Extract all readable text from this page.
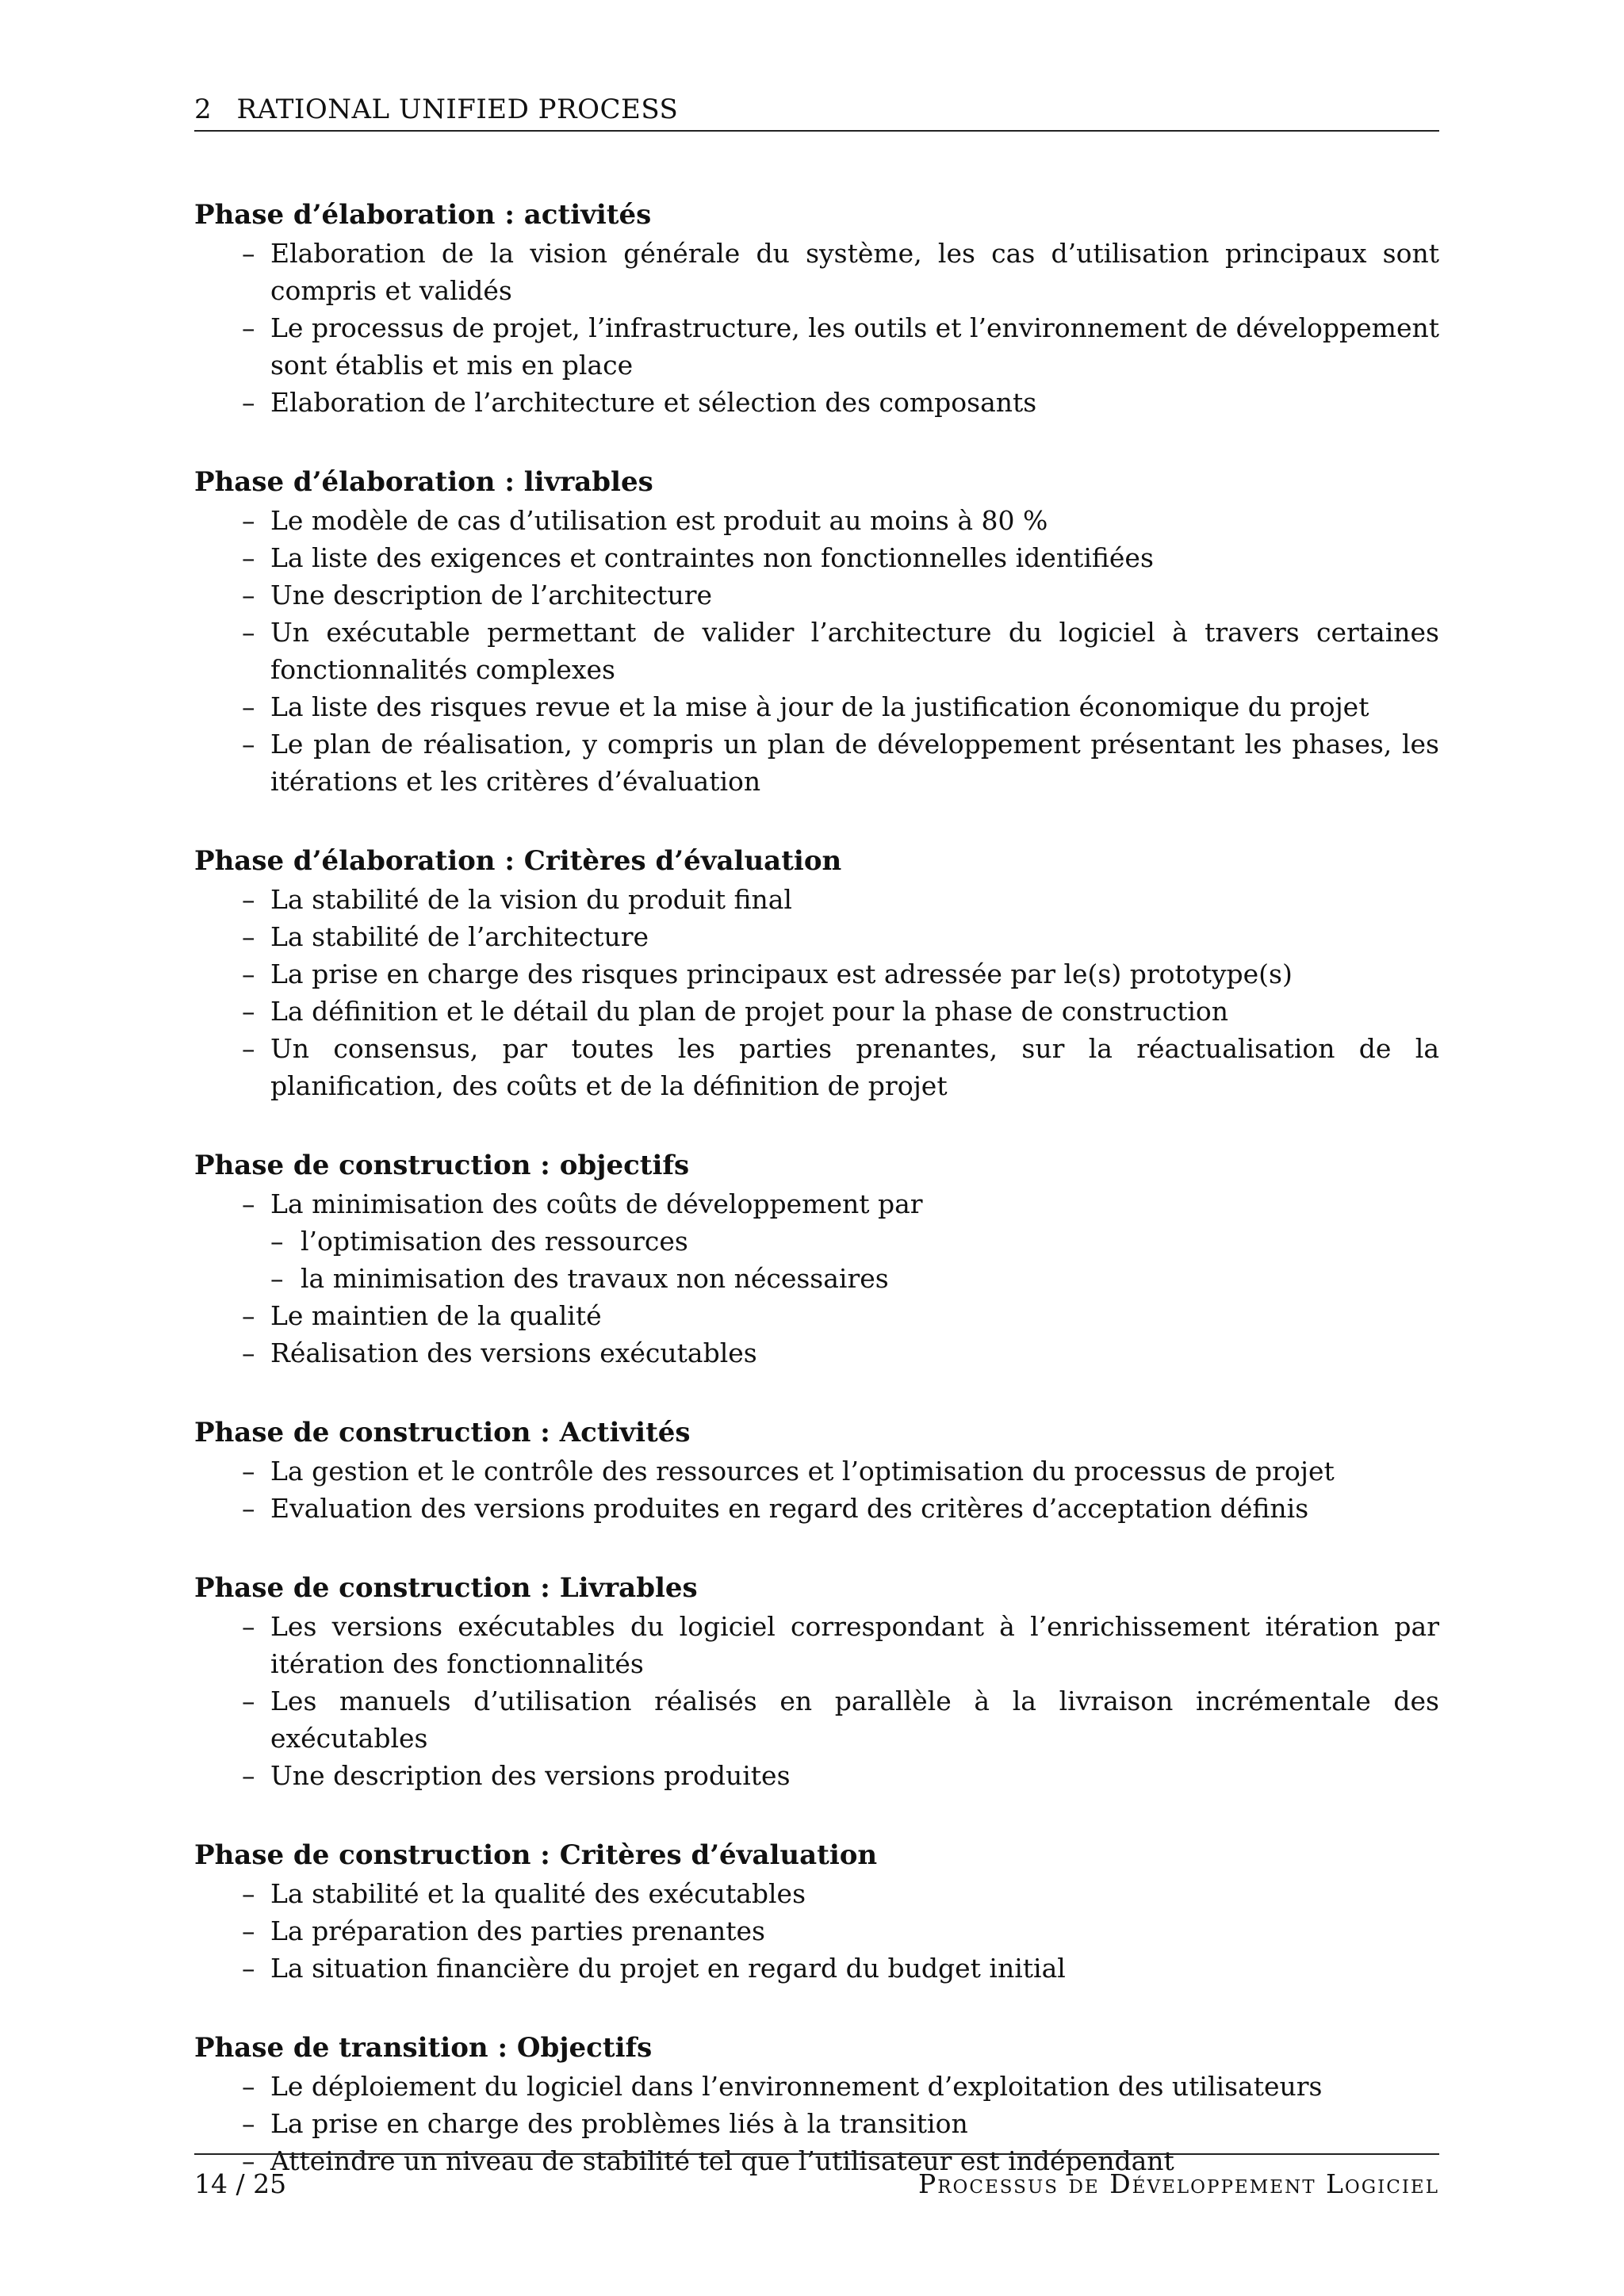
2 RATIONAL UNIFIED PROCESS
Phase d’élaboration : activités
– Elaboration de la vision générale du système, les cas d’utilisation principaux sont compris et validés
– Le processus de projet, l’infrastructure, les outils et l’environnement de développement sont établis et mis en place
– Elaboration de l’architecture et sélection des composants
Phase d’élaboration : livrables
– Le modèle de cas d’utilisation est produit au moins à 80 %
– La liste des exigences et contraintes non fonctionnelles identifiées
– Une description de l’architecture
– Un exécutable permettant de valider l’architecture du logiciel à travers certaines fonctionnalités complexes
– La liste des risques revue et la mise à jour de la justification économique du projet
– Le plan de réalisation, y compris un plan de développement présentant les phases, les itérations et les critères d’évaluation
Phase d’élaboration : Critères d’évaluation
– La stabilité de la vision du produit final
– La stabilité de l’architecture
– La prise en charge des risques principaux est adressée par le(s) prototype(s)
– La définition et le détail du plan de projet pour la phase de construction
– Un consensus, par toutes les parties prenantes, sur la réactualisation de la planification, des coûts et de la définition de projet
Phase de construction : objectifs
– La minimisation des coûts de développement par
– l’optimisation des ressources
– la minimisation des travaux non nécessaires
– Le maintien de la qualité
– Réalisation des versions exécutables
Phase de construction : Activités
– La gestion et le contrôle des ressources et l’optimisation du processus de projet
– Evaluation des versions produites en regard des critères d’acceptation définis
Phase de construction : Livrables
– Les versions exécutables du logiciel correspondant à l’enrichissement itération par itération des fonctionnalités
– Les manuels d’utilisation réalisés en parallèle à la livraison incrémentale des exécutables
– Une description des versions produites
Phase de construction : Critères d’évaluation
– La stabilité et la qualité des exécutables
– La préparation des parties prenantes
– La situation financière du projet en regard du budget initial
Phase de transition : Objectifs
– Le déploiement du logiciel dans l’environnement d’exploitation des utilisateurs
– La prise en charge des problèmes liés à la transition
– Atteindre un niveau de stabilité tel que l’utilisateur est indépendant
14 / 25	Processus de Développement Logiciel
